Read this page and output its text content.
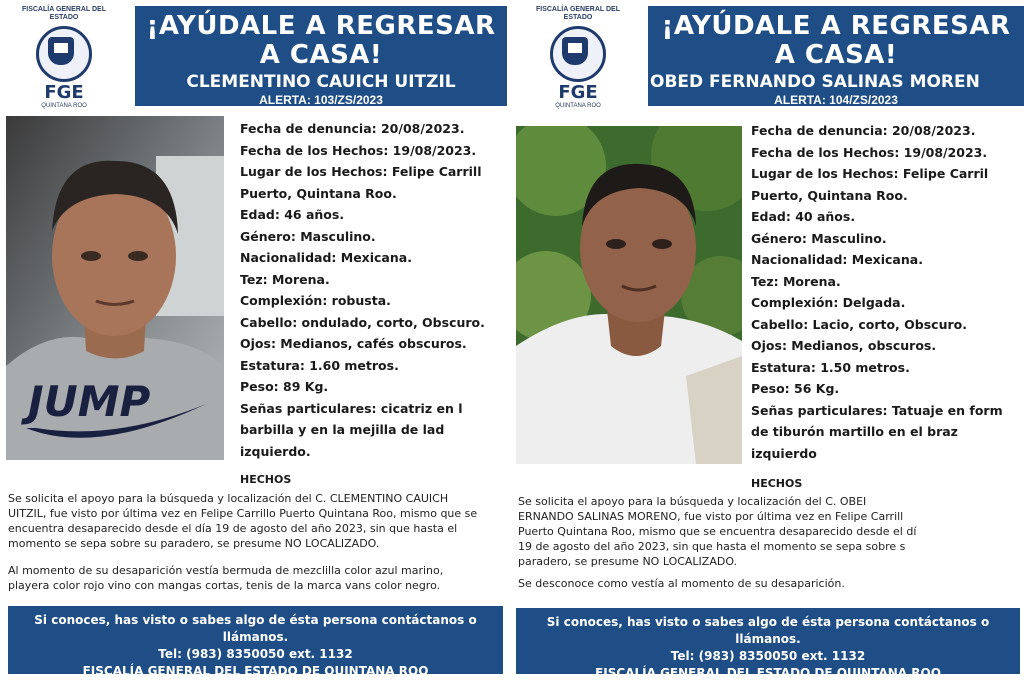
FISCALÍA GENERAL DEL ESTADO
FGE
QUINTANA ROO
¡AYÚDALE A REGRESAR
A CASA!
CLEMENTINO CAUICH UITZIL
ALERTA: 103/ZS/2023
JUMP
Fecha de denuncia: 20/08/2023.
Fecha de los Hechos: 19/08/2023.
Lugar de los Hechos: Felipe Carrill
Puerto, Quintana Roo.
Edad: 46 años.
Género: Masculino.
Nacionalidad: Mexicana.
Tez: Morena.
Complexión: robusta.
Cabello: ondulado, corto, Obscuro.
Ojos: Medianos, cafés obscuros.
Estatura: 1.60 metros.
Peso: 89 Kg.
Señas particulares: cicatriz en l
barbilla y en la mejilla de lad
izquierdo.
HECHOS
Se solicita el apoyo para la búsqueda y localización del C. CLEMENTINO CAUICH
UITZIL, fue visto por última vez en Felipe Carrillo Puerto Quintana Roo, mismo que se
encuentra desaparecido desde el día 19 de agosto del año 2023, sin que hasta el
momento se sepa sobre su paradero, se presume NO LOCALIZADO.
Al momento de su desaparición vestía bermuda de mezclilla color azul marino,
playera color rojo vino con mangas cortas, tenis de la marca vans color negro.
Si conoces, has visto o sabes algo de ésta persona contáctanos o llámanos.
Tel: (983) 8350050 ext. 1132
FISCALÍA GENERAL DEL ESTADO DE QUINTANA ROO
FISCALÍA GENERAL DEL ESTADO
FGE
QUINTANA ROO
¡AYÚDALE A REGRESAR
A CASA!
OBED FERNANDO SALINAS MOREN
ALERTA: 104/ZS/2023
Fecha de denuncia: 20/08/2023.
Fecha de los Hechos: 19/08/2023.
Lugar de los Hechos: Felipe Carril
Puerto, Quintana Roo.
Edad: 40 años.
Género: Masculino.
Nacionalidad: Mexicana.
Tez: Morena.
Complexión: Delgada.
Cabello: Lacio, corto, Obscuro.
Ojos: Medianos, obscuros.
Estatura: 1.50 metros.
Peso: 56 Kg.
Señas particulares: Tatuaje en form
de tiburón martillo en el braz
izquierdo
HECHOS
Se solicita el apoyo para la búsqueda y localización del C. OBEI
ERNANDO SALINAS MORENO, fue visto por última vez en Felipe Carrill
Puerto Quintana Roo, mismo que se encuentra desaparecido desde el dí
19 de agosto del año 2023, sin que hasta el momento se sepa sobre s
paradero, se presume NO LOCALIZADO.
Se desconoce como vestía al momento de su desaparición.
Si conoces, has visto o sabes algo de ésta persona contáctanos o llámanos.
Tel: (983) 8350050 ext. 1132
FISCALÍA GENERAL DEL ESTADO DE QUINTANA ROO
